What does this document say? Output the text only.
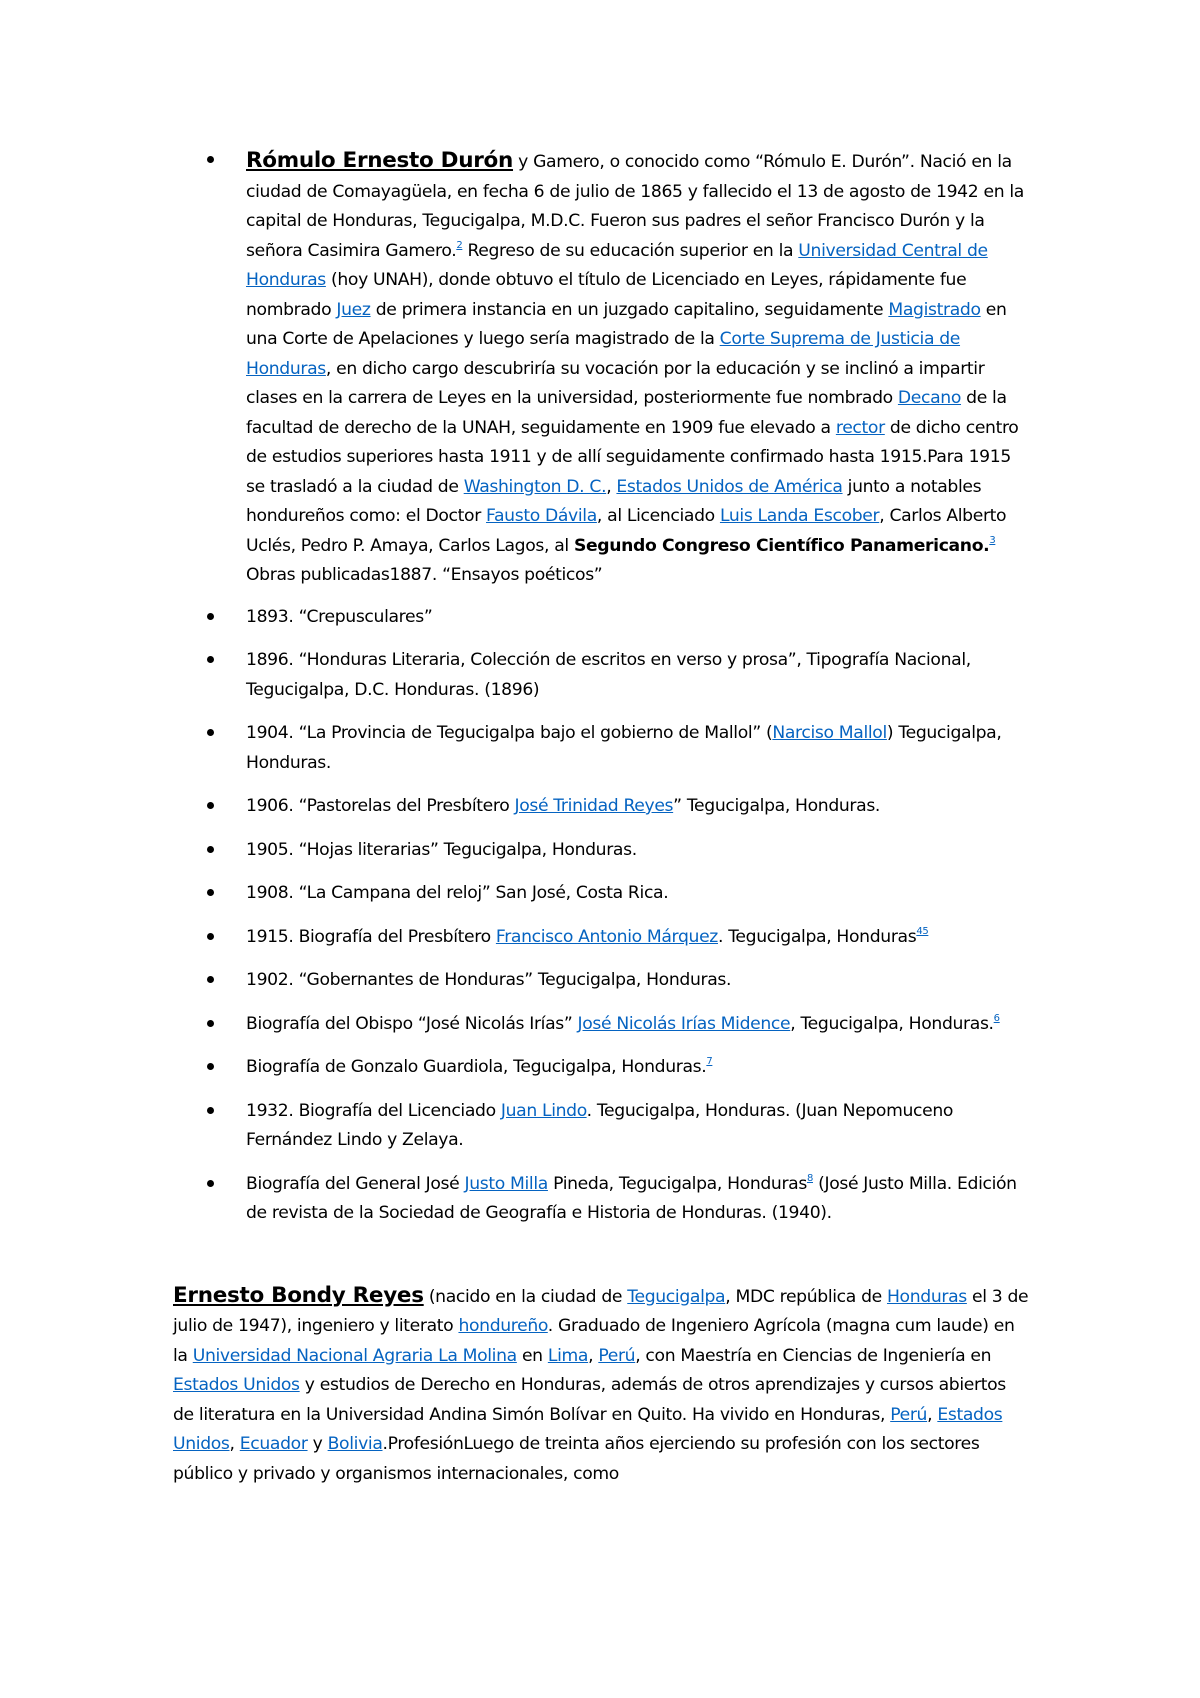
Rómulo Ernesto Durón y Gamero, o conocido como “Rómulo E. Durón”. Nació en la ciudad de Comayagüela, en fecha 6 de julio de 1865 y fallecido el 13 de agosto de 1942 en la capital de Honduras, Tegucigalpa, M.D.C. Fueron sus padres el señor Francisco Durón y la señora Casimira Gamero.$^2$ Regreso de su educación superior en la Universidad Central de Honduras (hoy UNAH), donde obtuvo el título de Licenciado en Leyes, rápidamente fue nombrado Juez de primera instancia en un juzgado capitalino, seguidamente Magistrado en una Corte de Apelaciones y luego sería magistrado de la Corte Suprema de Justicia de Honduras, en dicho cargo descubriría su vocación por la educación y se inclinó a impartir clases en la carrera de Leyes en la universidad, posteriormente fue nombrado Decano de la facultad de derecho de la UNAH, seguidamente en 1909 fue elevado a rector de dicho centro de estudios superiores hasta 1911 y de allí seguidamente confirmado hasta 1915.Para 1915 se trasladó a la ciudad de Washington D. C., Estados Unidos de América junto a notables hondureños como: el Doctor Fausto Dávila, al Licenciado Luis Landa Escober, Carlos Alberto Uclés, Pedro P. Amaya, Carlos Lagos, al Segundo Congreso Científico Panamericano.$^3$ Obras publicadas1887. “Ensayos poéticos”
1893. “Crepusculares”
1896. “Honduras Literaria, Colección de escritos en verso y prosa”, Tipografía Nacional, Tegucigalpa, D.C. Honduras. (1896)
1904. “La Provincia de Tegucigalpa bajo el gobierno de Mallol” (Narciso Mallol) Tegucigalpa, Honduras.
1906. “Pastorelas del Presbítero José Trinidad Reyes” Tegucigalpa, Honduras.
1905. “Hojas literarias” Tegucigalpa, Honduras.
1908. “La Campana del reloj” San José, Costa Rica.
1915. Biografía del Presbítero Francisco Antonio Márquez. Tegucigalpa, Honduras$^{45}$
1902. “Gobernantes de Honduras” Tegucigalpa, Honduras.
Biografía del Obispo “José Nicolás Irías” José Nicolás Irías Midence, Tegucigalpa, Honduras.$^6$
Biografía de Gonzalo Guardiola, Tegucigalpa, Honduras.$^7$
1932. Biografía del Licenciado Juan Lindo. Tegucigalpa, Honduras. (Juan Nepomuceno Fernández Lindo y Zelaya.
Biografía del General José Justo Milla Pineda, Tegucigalpa, Honduras$^8$ (José Justo Milla. Edición de revista de la Sociedad de Geografía e Historia de Honduras. (1940).

Ernesto Bondy Reyes (nacido en la ciudad de Tegucigalpa, MDC república de Honduras el 3 de julio de 1947), ingeniero y literato hondureño. Graduado de Ingeniero Agrícola (magna cum laude) en la Universidad Nacional Agraria La Molina en Lima, Perú, con Maestría en Ciencias de Ingeniería en Estados Unidos y estudios de Derecho en Honduras, además de otros aprendizajes y cursos abiertos de literatura en la Universidad Andina Simón Bolívar en Quito. Ha vivido en Honduras, Perú, Estados Unidos, Ecuador y Bolivia.ProfesiónLuego de treinta años ejerciendo su profesión con los sectores público y privado y organismos internacionales, como
